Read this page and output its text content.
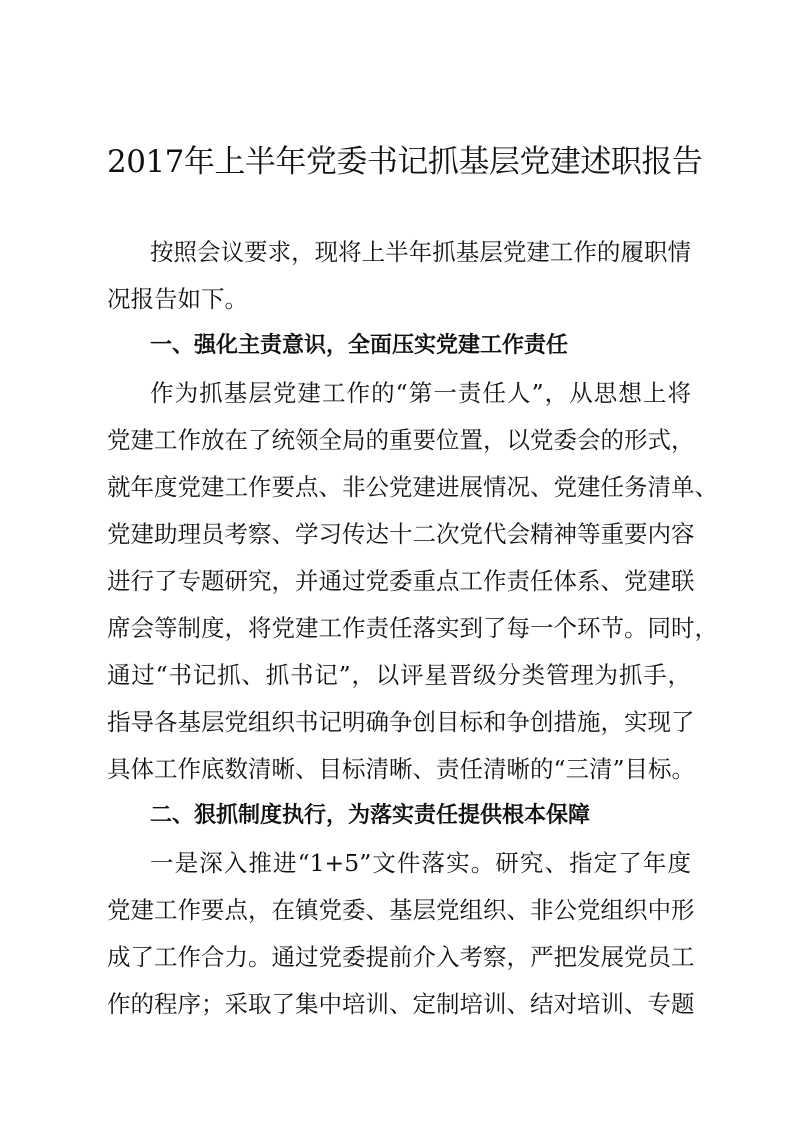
2017年上半年党委书记抓基层党建述职报告
按照会议要求，现将上半年抓基层党建工作的履职情
况报告如下。
一、强化主责意识，全面压实党建工作责任
作为抓基层党建工作的“第一责任人”，从思想上将
党建工作放在了统领全局的重要位置，以党委会的形式，
就年度党建工作要点、非公党建进展情况、党建任务清单、
党建助理员考察、学习传达十二次党代会精神等重要内容
进行了专题研究，并通过党委重点工作责任体系、党建联
席会等制度，将党建工作责任落实到了每一个环节。同时，
通过“书记抓、抓书记”，以评星晋级分类管理为抓手，
指导各基层党组织书记明确争创目标和争创措施，实现了
具体工作底数清晰、目标清晰、责任清晰的“三清”目标。
二、狠抓制度执行，为落实责任提供根本保障
一是深入推进“1+5”文件落实。研究、指定了年度
党建工作要点，在镇党委、基层党组织、非公党组织中形
成了工作合力。通过党委提前介入考察，严把发展党员工
作的程序；采取了集中培训、定制培训、结对培训、专题
